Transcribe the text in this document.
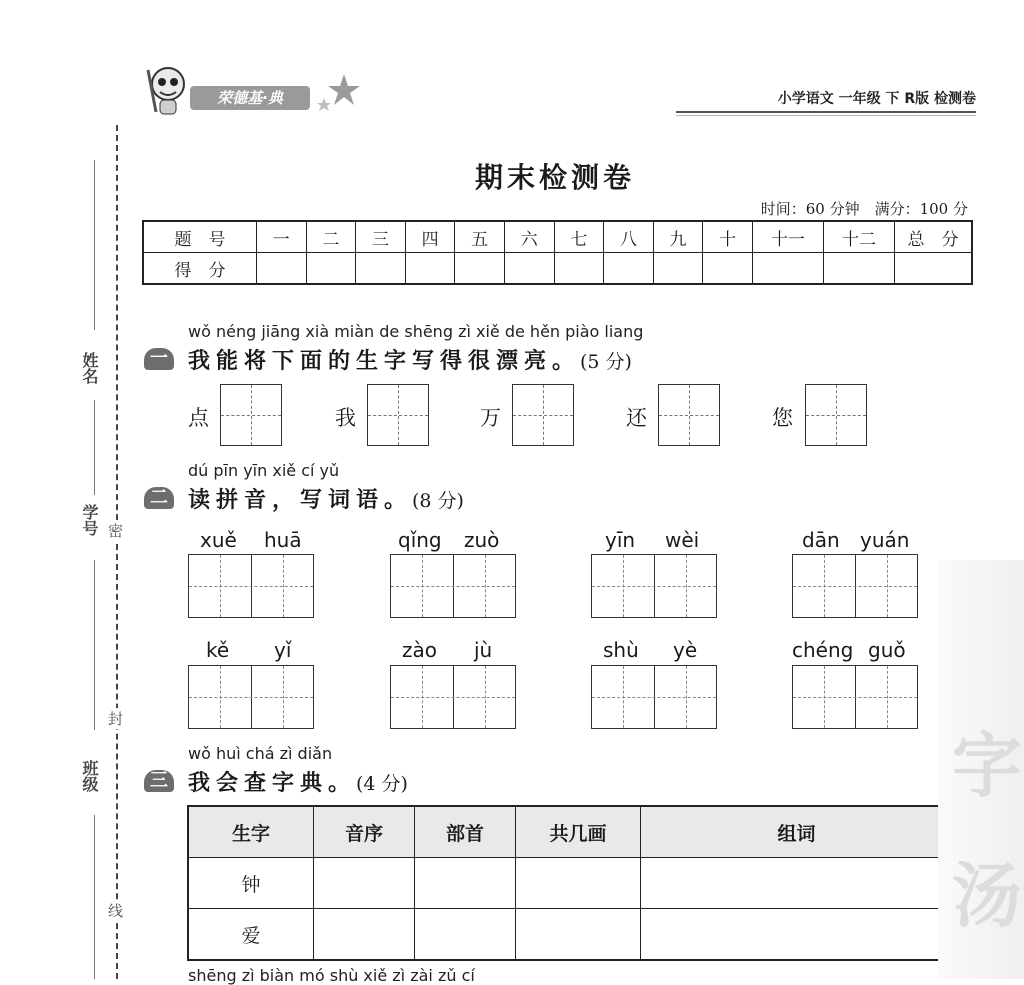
荣德基·典	小学语文 一年级 下 R版 检测卷
姓名
学号
班级
密
封
线
期末检测卷
时间：60 分钟　满分：100 分
题　号	一	二	三	四	五	六	七	八	九	十	十一	十二	总　分
得　分													
wǒ néng jiāng xià miàn de shēng zì xiě de hěn piào liang
一 我能将下面的生字写得很漂亮。(5 分)
点	我	万	还	您
dú pīn yīn xiě cí yǔ
二 读拼音，写词语。(8 分)
xuě huā	qǐng zuò	yīn wèi	dān yuán
kě yǐ	zào jù	shù yè	chéng guǒ
wǒ huì chá zì diǎn
三 我会查字典。(4 分)
生字	音序	部首	共几画	组词
钟				
爱				
shēng zì biàn mó shù xiě zì zài zǔ cí
字
汤
